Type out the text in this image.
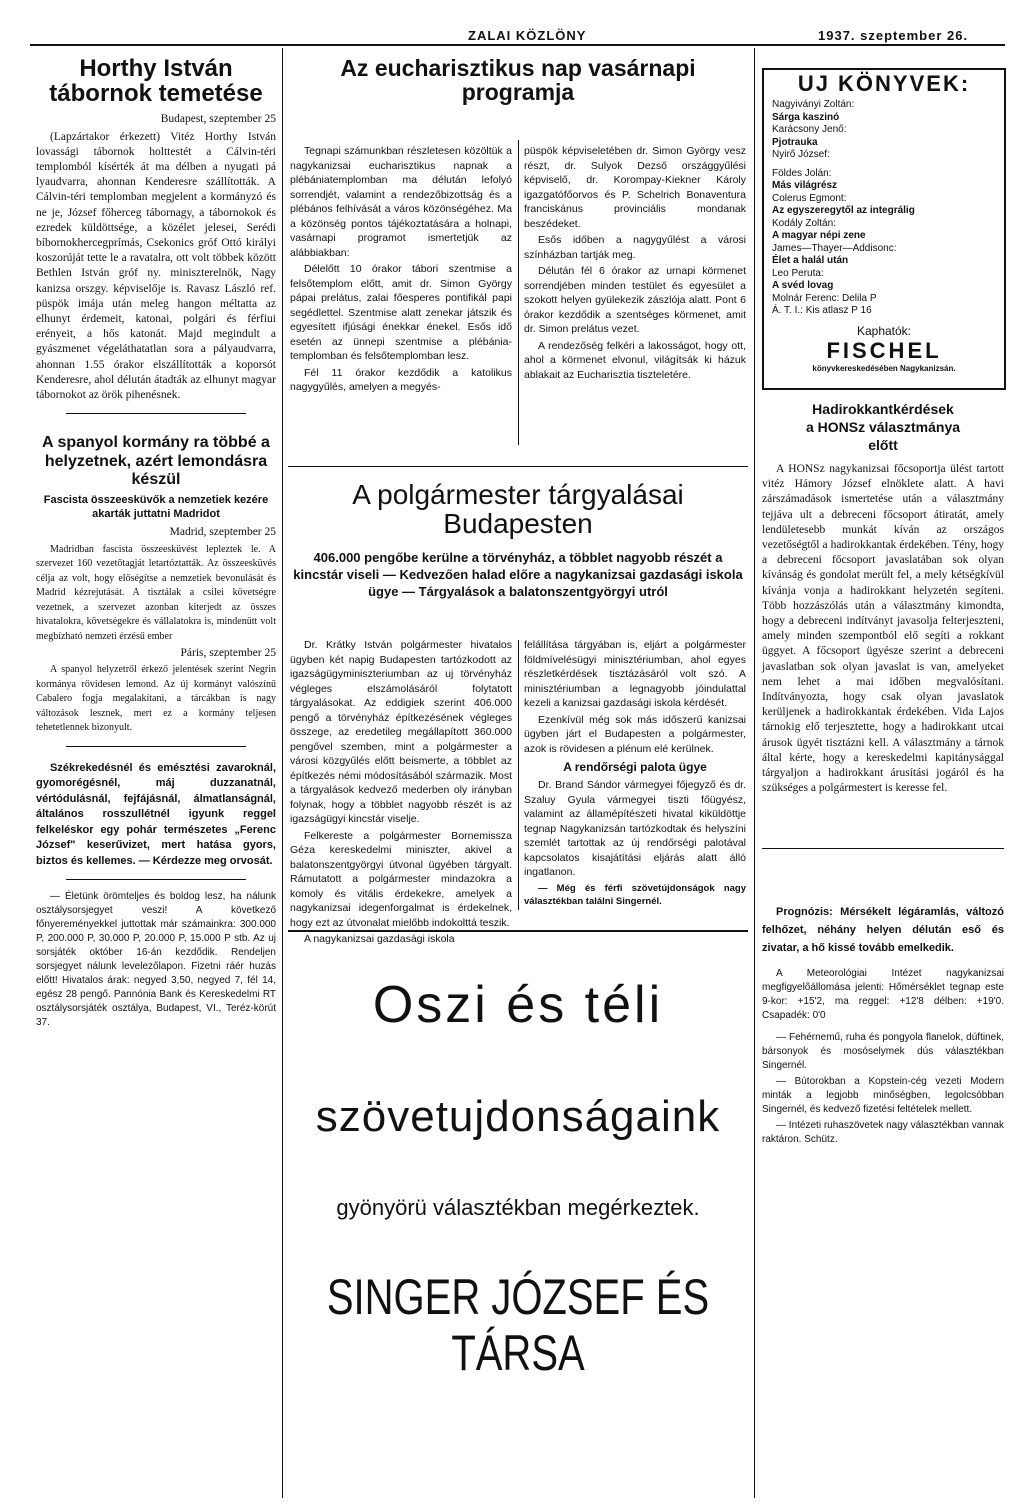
ZALAI KÖZLÖNY	1937. szeptember 26.
Horthy István
tábornok temetése
Budapest, szeptember 25

(Lapzártakor érkezett) Vitéz Horthy István lovassági tábornok holttestét a Cálvin-téri templomból kísérték át ma délben a nyugati pá lyaudvarra, ahonnan Kenderesre szállították. A Cálvin-téri templomban megjelent a kormányzó és ne je, József főherceg tábornagy, a tábornokok és ezredek küldöttsége, a közélet jelesei, Serédi bíbornokhercegprímás, Csekonics gróf Ottó királyi koszorúját tette le a ravatalra, ott volt többek között Bethlen István gróf ny. miniszterelnök, Nagy kanizsa orszgy. képviselője is. Ravasz László ref. püspök imája után meleg hangon méltatta az elhunyt érdemeit, katonai, polgári és férfiui erényeit, a hős katonát. Majd megindult a gyászmenet végeláthatatlan sora a pályaudvarra, ahonnan 1.55 órakor elszállították a koporsót Kenderesre, ahol délután átadták az elhunyt magyar tábornokot az örök pihenésnek.

A spanyol kormány ra többé a helyzetnek, azért lemondásra készül
Fascista összeesküvők a nemzetiek kezére akarták juttatni Madridot
Madrid, szeptember 25

Madridban fascista összeesküvést lepleztek le. A szervezet 160 vezetőtagját letartóztatták. Az összeesküvés célja az volt, hogy előségítse a nemzetiek bevonulását és Madrid kézrejutását. A tisztálak a csilei követségre vezetnek, a szervezet azonban kiterjedt az összes hivatalokra, követségekre és vállalatokra is, mindenütt volt megbízható nemzeti érzésű ember

Páris, szeptember 25

A spanyol helyzetről érkező jelentések szerint Negrin kormánya rövidesen lemond. Az új kormányt valószínű Cabalero fogja megalakítani, a tárcákban is nagy változások lesznek, mert ez a kormány teljesen tehetetlennek bizonyult.

Székrekedésnél és emésztési zavaroknál, gyomorégésnél, máj duzzanatnál, vértódulásnál, fejfájásnál, álmatlanságnál, általános rosszullétnél igyunk reggel felkeléskor egy pohár természetes „Ferenc József" keserűvizet, mert hatása gyors, biztos és kellemes. — Kérdezze meg orvosát.

— Életünk örömteljes és boldog lesz, ha nálunk osztálysorsjegyet veszi! A következő főnyereményekkel juttottak már számainkra: 300.000 P, 200.000 P, 30.000 P, 20.000 P, 15.000 P stb. Az uj sorsjáték október 16-án kezdődik. Rendeljen sorsjegyet nálunk levelezőlapon. Fizetni ráér huzás előtt! Hivatalos árak: negyed 3,50, negyed 7, fél 14, egész 28 pengő. Pannónia Bank és Kereskedelmi RT osztálysorsjáték osztálya, Budapest, VI., Teréz-körút 37.

Az eucharisztikus nap vasárnapi
programja

Tegnapi számunkban részletesen közöltük a nagykanizsai eucharisztikus napnak a plébániatemplomban ma délután lefolyó sorrendjét, valamint a rendezőbizottság és a plébános felhívását a város közönségéhez. Ma a közönség pontos tájékoztatására a holnapi, vasárnapi programot ismertetjük az alábbiakban:

Délelőtt 10 órakor tábori szentmise a felsőtemplom előtt, amit dr. Simon György pápai prelátus, zalai főesperes pontifikál papi segédlettel. Szentmise alatt zenekar játszik és egyesített ifjúsági énekkar énekel. Esős idő esetén az ünnepi szentmise a plébánia-templomban és felsőtemplomban lesz.

Fél 11 órakor kezdődik a katolikus nagygyűlés, amelyen a megyés-

püspök képviseletében dr. Simon György vesz részt, dr. Sulyok Dezső országgyűlési képviselő, dr. Korompay-Kiekner Károly igazgatófőorvos és P. Schelrich Bonaventura franciskánus provinciális mondanak beszédeket.

Esős időben a nagygyűlést a városi színházban tartják meg.

Délután fél 6 órakor az urnapi körmenet sorrendjében minden testület és egyesület a szokott helyen gyülekezik zászlója alatt. Pont 6 órakor kezdődik a szentséges körmenet, amit dr. Simon prelátus vezet.

A rendezőség felkéri a lakosságot, hogy ott, ahol a körmenet elvonul, világítsák ki házuk ablakait az Eucharisztia tiszteletére.

A polgármester tárgyalásai
Budapesten
406.000 pengőbe kerülne a törvényház, a többlet nagyobb részét a kincstár viseli — Kedvezően halad előre a nagykanizsai gazdasági iskola ügye — Tárgyalások a balatonszentgyörgyi utról

Dr. Krátky István polgármester hivatalos ügyben két napig Budapesten tartózkodott az igazságügyminiszteriumban az uj törvényház végleges elszámolásáról folytatott tárgyalásokat. Az eddigiek szerint 406.000 pengő a törvényház építkezésének végleges összege, az eredetileg megállapított 360.000 pengővel szemben, mint a polgármester a városi közgyűlés előtt beismerte, a többlet az építkezés némi módosításából származik. Most a tárgyalások kedvező mederben oly irányban folynak, hogy a többlet nagyobb részét is az igazságügyi kincstár viselje.

Felkereste a polgármester Bornemissza Géza kereskedelmi miniszter, akivel a balatonszentgyörgyi útvonal ügyében tárgyalt. Rámutatott a polgármester mindazokra a komoly és vitális érdekekre, amelyek a nagykanizsai idegenforgalmat is érdekelnek, hogy ezt az útvonalat mielőbb indokolttá teszik.

A nagykanizsai gazdasági iskola

felállítása tárgyában is, eljárt a polgármester földmívelésügyi minisztériumban, ahol egyes részletkérdések tisztázásáról volt szó. A minisztériumban a legnagyobb jóindulattal kezeli a kanizsai gazdasági iskola kérdését.

Ezenkívül még sok más időszerű kanizsai ügyben járt el Budapesten a polgármester, azok is rövidesen a plénum elé kerülnek.

A rendőrségi palota ügye

Dr. Brand Sándor vármegyei főjegyző és dr. Szaluy Gyula vármegyei tiszti főügyész, valamint az államépítészeti hivatal kiküldöttje tegnap Nagykanizsán tartózkodtak és helyszíni szemlét tartottak az új rendőrségi palotával kapcsolatos kisajátítási eljárás alatt álló ingatlanon.

— Még és férfi szövetújdonságok nagy választékban találni Singernél.

Oszi és téli
szövetujdonságaink
gyönyörü választékban megérkeztek.
SINGER JÓZSEF ÉS TÁRSA
UJ KÖNYVEK:
Nagyiványi Zoltán:
Sárga kaszinó
Karácsony Jenő:
Pjotrauka
Nyirő József:
Földes Jolán:
Más világrész
Colerus Egmont:
Az egyszeregytől az integrálig
Kodály Zoltán:
A magyar népi zene
James—Thayer—Addisonc:
Élet a halál után
Leo Peruta:
A svéd lovag
Molnár Ferenc: Delila P
Á. T. I.: Kis atlasz P 16
Kaphatók:
FISCHEL
könyvkereskedésében Nagykanizsán.
Hadirokkantkérdések
a HONSz választmánya
előtt

A HONSz nagykanizsai főcsoportja ülést tartott vitéz Hámory József elnöklete alatt. A havi zárszámadások ismertetése után a választmány tejjáva ult a debreceni főcsoport átiratát, amely lendületesebb munkát kíván az országos vezetőségtől a hadirokkantak érdekében. Tény, hogy a debreceni főcsoport javaslatában sok olyan kívánság és gondolat merült fel, a mely kétségkívül kívánja vonja a hadirokkant helyzetén segíteni. Több hozzászólás után a választmány kimondta, hogy a debreceni indítványt javasolja felterjeszteni, amely minden szempontból elő segíti a rokkant üggyet. A főcsoport ügyésze szerint a debreceni javaslatban sok olyan javaslat is van, amelyeket nem lehet a mai időben megvalósítani. Indítványozta, hogy csak olyan javaslatok kerüljenek a hadirokkantak érdekében. Vida Lajos tárnokig elő terjesztette, hogy a hadirokkant utcai árusok ügyét tisztázni kell. A választmány a tárnok által kérte, hogy a kereskedelmi kapitánysággal tárgyaljon a hadirokkant árusítási jogáról és ha szükséges a polgármestert is keresse fel.

Prognózis: Mérsékelt légáramlás, változó felhőzet, néhány helyen délután eső és zivatar, a hő kissé tovább emelkedik.

A Meteorológiai Intézet nagykanizsai megfigyelőállomása jelenti: Hőmérséklet tegnap este 9-kor: +15'2, ma reggel: +12'8 délben: +19'0. Csapadék: 0'0

— Fehérnemű, ruha és pongyola flanelok, dúftinek, bársonyok és mosóselymek dús választékban Singernél.

— Bútorokban a Kopstein-cég vezeti Modern minták a legjobb minőségben, legolcsóbban Singernél, és kedvező fizetési feltételek mellett.

— Intézeti ruhaszövetek nagy választékban vannak raktáron. Schütz.
